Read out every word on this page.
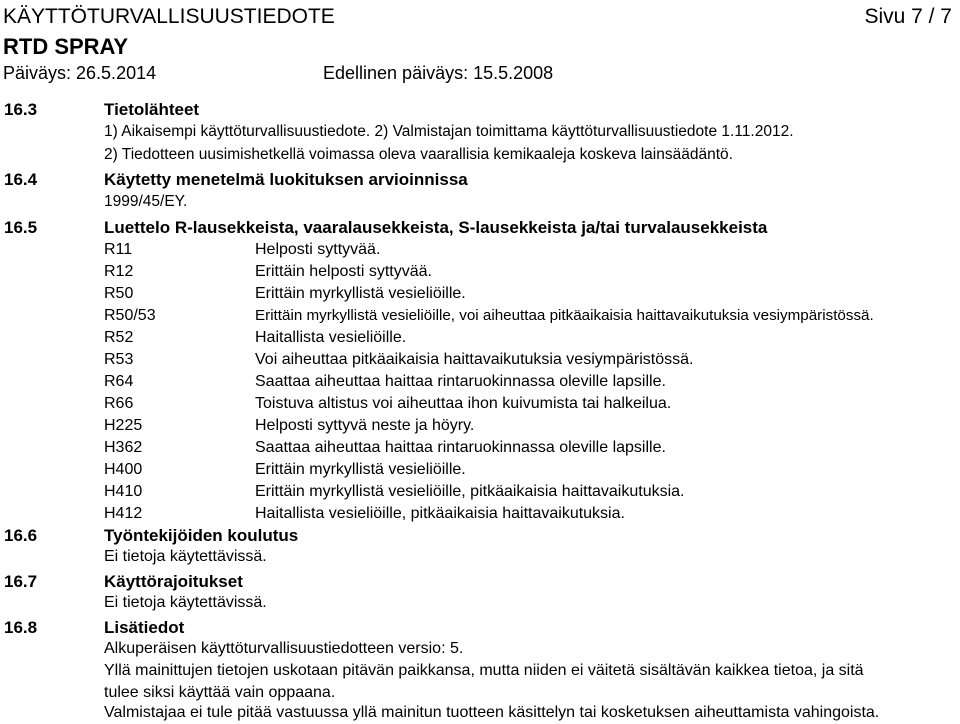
KÄYTTÖTURVALLISUUSTIEDOTE	Sivu 7 / 7
RTD SPRAY
Päiväys: 26.5.2014	Edellinen päiväys: 15.5.2008
16.3	Tietolähteet
1) Aikaisempi käyttöturvallisuustiedote. 2) Valmistajan toimittama käyttöturvallisuustiedote 1.11.2012.
2) Tiedotteen uusimishetkellä voimassa oleva vaarallisia kemikaaleja koskeva lainsäädäntö.
16.4	Käytetty menetelmä luokituksen arvioinnissa
1999/45/EY.
16.5	Luettelo R-lausekkeista, vaaralausekkeista, S-lausekkeista ja/tai turvalausekkeista
R11	Helposti syttyvää.
R12	Erittäin helposti syttyvää.
R50	Erittäin myrkyllistä vesieliöille.
R50/53	Erittäin myrkyllistä vesieliöille, voi aiheuttaa pitkäaikaisia haittavaikutuksia vesiympäristössä.
R52	Haitallista vesieliöille.
R53	Voi aiheuttaa pitkäaikaisia haittavaikutuksia vesiympäristössä.
R64	Saattaa aiheuttaa haittaa rintaruokinnassa oleville lapsille.
R66	Toistuva altistus voi aiheuttaa ihon kuivumista tai halkeilua.
H225	Helposti syttyvä neste ja höyry.
H362	Saattaa aiheuttaa haittaa rintaruokinnassa oleville lapsille.
H400	Erittäin myrkyllistä vesieliöille.
H410	Erittäin myrkyllistä vesieliöille, pitkäaikaisia haittavaikutuksia.
H412	Haitallista vesieliöille, pitkäaikaisia haittavaikutuksia.
16.6	Työntekijöiden koulutus
Ei tietoja käytettävissä.
16.7	Käyttörajoitukset
Ei tietoja käytettävissä.
16.8	Lisätiedot
Alkuperäisen käyttöturvallisuustiedotteen versio: 5.
Yllä mainittujen tietojen uskotaan pitävän paikkansa, mutta niiden ei väitetä sisältävän kaikkea tietoa, ja sitä
tulee siksi käyttää vain oppaana.
Valmistajaa ei tule pitää vastuussa yllä mainitun tuotteen käsittelyn tai kosketuksen aiheuttamista vahingoista.
